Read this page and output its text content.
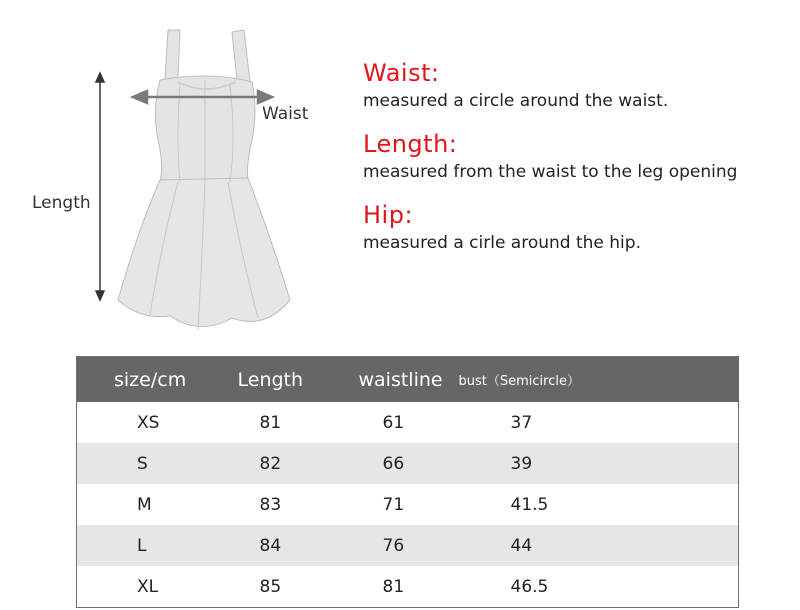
Waist
Length
Waist:
measured a circle around the waist.
Length:
measured from the waist to the leg opening
Hip:
measured a cirle around the hip.
size/cm	Length	waistline	bust（Semicircle）
XS	81	61	37
S	82	66	39
M	83	71	41.5
L	84	76	44
XL	85	81	46.5
